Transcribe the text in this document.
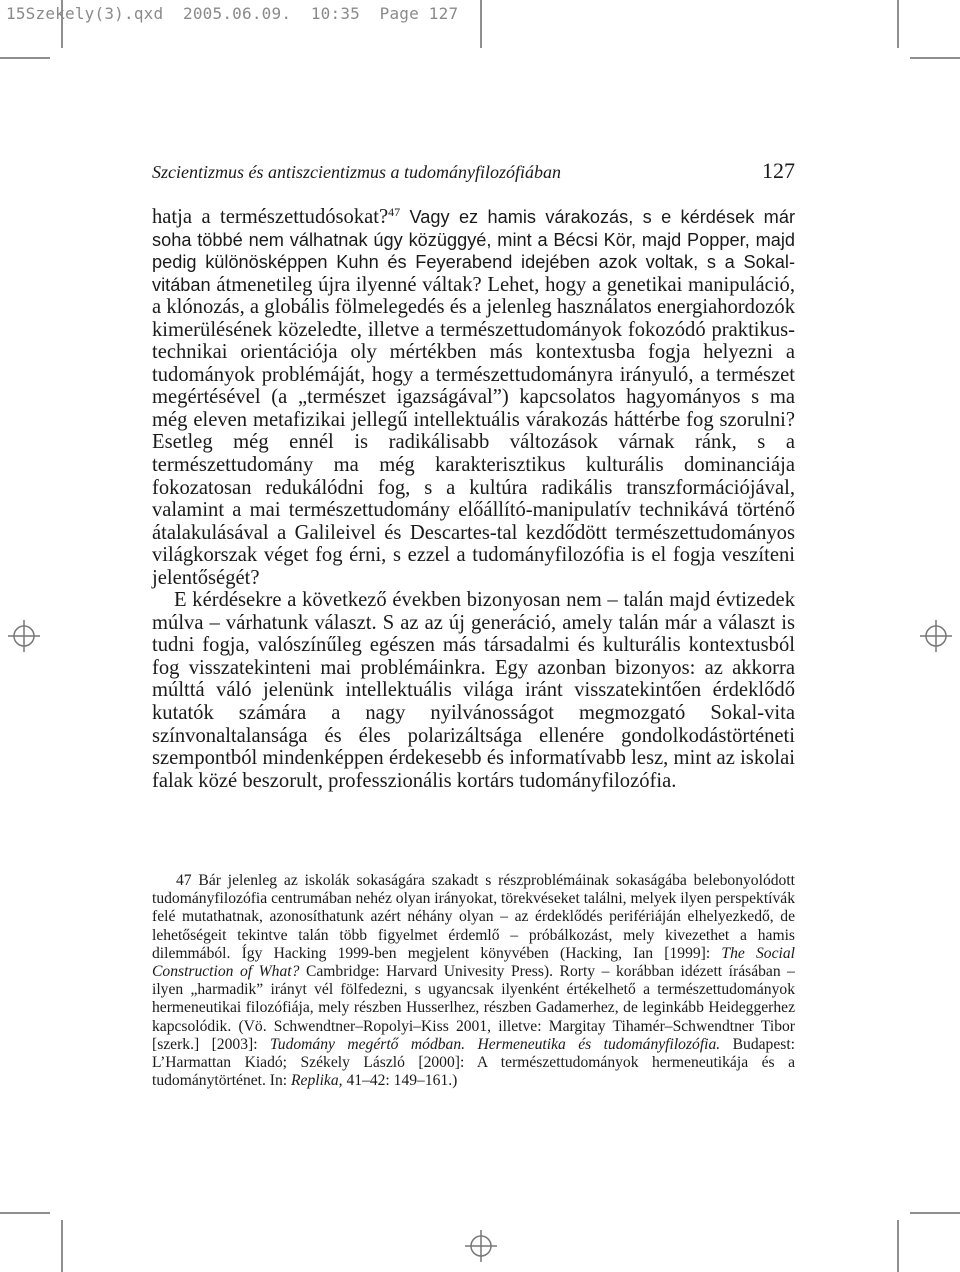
15Szekely(3).qxd  2005.06.09.  10:35  Page 127
Szcientizmus és antiszcientizmus a tudományfilozófiában	127

hatja a természettudósokat?$^{47}$ Vagy ez hamis várakozás, s e kérdések már soha többé nem válhatnak úgy közüggyé, mint a Bécsi Kör, majd Popper, majd pedig különösképpen Kuhn és Feyerabend idejében azok voltak, s a Sokal-vitában átmenetileg újra ilyenné váltak? Lehet, hogy a genetikai manipuláció, a klónozás, a globális fölmelegedés és a jelenleg használatos energiahordozók kimerülésének közeledte, illetve a természettudományok fokozódó praktikus-technikai orientációja oly mértékben más kontextusba fogja helyezni a tudományok problémáját, hogy a természettudományra irányuló, a természet megértésével (a „természet igazságával”) kapcsolatos hagyományos s ma még eleven metafizikai jellegű intellektuális várakozás háttérbe fog szorulni? Esetleg még ennél is radikálisabb változások várnak ránk, s a természettudomány ma még karakterisztikus kulturális dominanciája fokozatosan redukálódni fog, s a kultúra radikális transzformációjával, valamint a mai természettudomány előállító-manipulatív technikává történő átalakulásával a Galileivel és Descartes-tal kezdődött természettudományos világkorszak véget fog érni, s ezzel a tudományfilozófia is el fogja veszíteni jelentőségét?

E kérdésekre a következő években bizonyosan nem – talán majd évtizedek múlva – várhatunk választ. S az az új generáció, amely talán már a választ is tudni fogja, valószínűleg egészen más társadalmi és kulturális kontextusból fog visszatekinteni mai problémáinkra. Egy azonban bizonyos: az akkorra múlttá váló jelenünk intellektuális világa iránt visszatekintően érdeklődő kutatók számára a nagy nyilvánosságot megmozgató Sokal-vita színvonaltalansága és éles polarizáltsága ellenére gondolkodástörténeti szempontból mindenképpen érdekesebb és informatívabb lesz, mint az iskolai falak közé beszorult, professzionális kortárs tudományfilozófia.

47 Bár jelenleg az iskolák sokaságára szakadt s részproblémáinak sokaságába belebonyolódott tudományfilozófia centrumában nehéz olyan irányokat, törekvéseket találni, melyek ilyen perspektívák felé mutathatnak, azonosíthatunk azért néhány olyan – az érdeklődés perifériáján elhelyezkedő, de lehetőségeit tekintve talán több figyelmet érdemlő – próbálkozást, mely kivezethet a hamis dilemmából. Így Hacking 1999-ben megjelent könyvében (Hacking, Ian [1999]: The Social Construction of What? Cambridge: Harvard Univesity Press). Rorty – korábban idézett írásában – ilyen „harmadik” irányt vél fölfedezni, s ugyancsak ilyenként értékelhető a természettudományok hermeneutikai filozófiája, mely részben Husserlhez, részben Gadamerhez, de leginkább Heideggerhez kapcsolódik. (Vö. Schwendtner–Ropolyi–Kiss 2001, illetve: Margitay Tihamér–Schwendtner Tibor [szerk.] [2003]: Tudomány megértő módban. Hermeneutika és tudományfilozófia. Budapest: L’Harmattan Kiadó; Székely László [2000]: A természettudományok hermeneutikája és a tudománytörténet. In: Replika, 41–42: 149–161.)
